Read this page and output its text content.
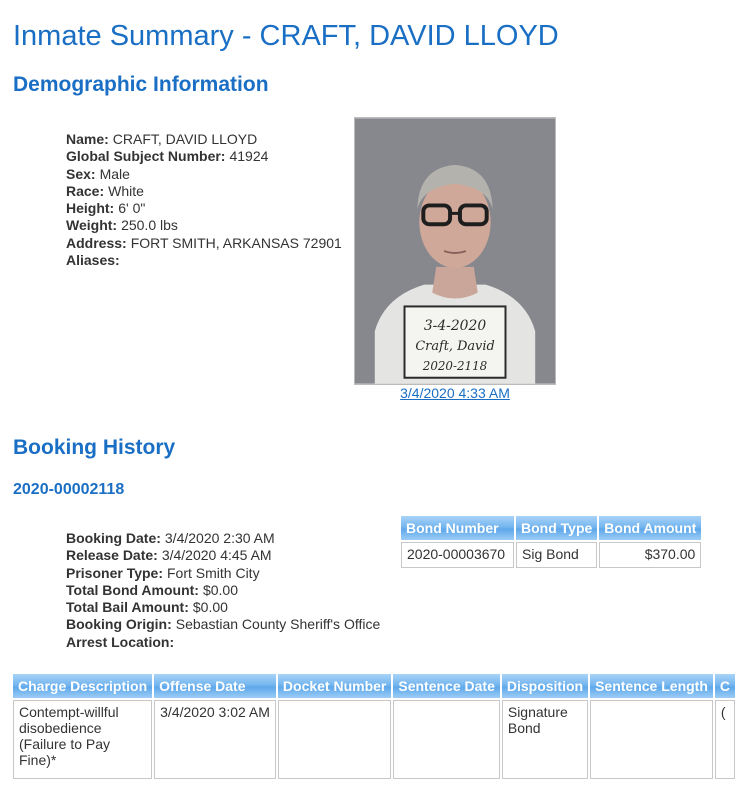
Inmate Summary - CRAFT, DAVID LLOYD
Demographic Information
Name: CRAFT, DAVID LLOYD
Global Subject Number: 41924
Sex: Male
Race: White
Height: 6' 0"
Weight: 250.0 lbs
Address: FORT SMITH, ARKANSAS 72901
Aliases:
3-4-2020
Craft, David
2020-2118
3/4/2020 4:33 AM
Booking History
2020-00002118
Booking Date: 3/4/2020 2:30 AM
Release Date: 3/4/2020 4:45 AM
Prisoner Type: Fort Smith City
Total Bond Amount: $0.00
Total Bail Amount: $0.00
Booking Origin: Sebastian County Sheriff's Office
Arrest Location:
Bond Number	Bond Type	Bond Amount
2020-00003670	Sig Bond	$370.00
Charge Description	Offense Date	Docket Number	Sentence Date	Disposition	Sentence Length	C
Contempt-willful disobedience (Failure to Pay Fine)*	3/4/2020 3:02 AM			Signature Bond		(
